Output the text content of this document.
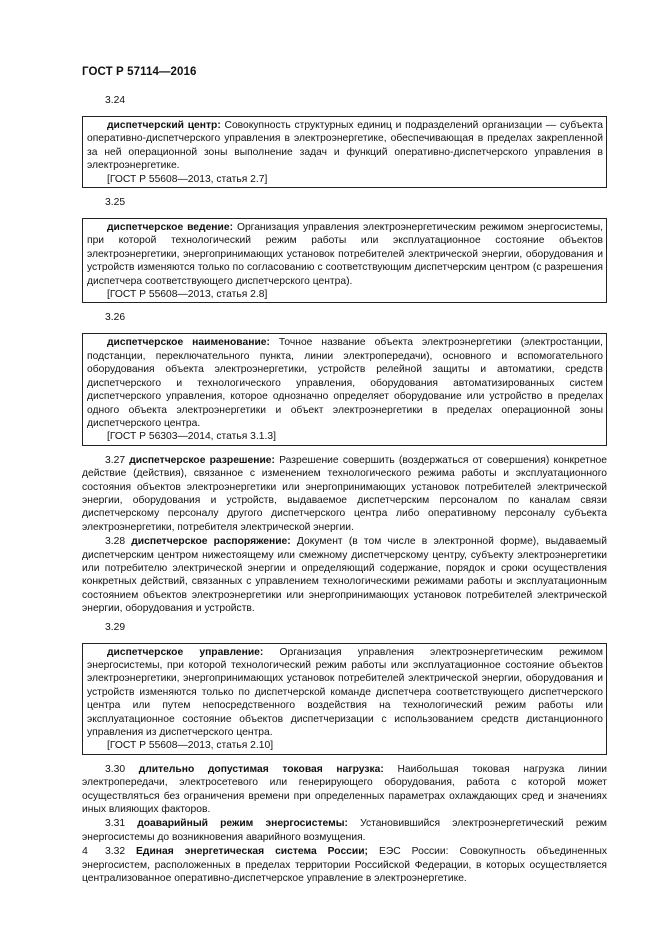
ГОСТ Р 57114—2016
3.24

диспетчерский центр: Совокупность структурных единиц и подразделений организации — субъекта оперативно-диспетчерского управления в электроэнергетике, обеспечивающая в пределах закрепленной за ней операционной зоны выполнение задач и функций оперативно-диспетчерского управления в электроэнергетике.

[ГОСТ Р 55608—2013, статья 2.7]

3.25

диспетчерское ведение: Организация управления электроэнергетическим режимом энергосистемы, при которой технологический режим работы или эксплуатационное состояние объектов электроэнергетики, энергопринимающих установок потребителей электрической энергии, оборудования и устройств изменяются только по согласованию с соответствующим диспетчерским центром (с разрешения диспетчера соответствующего диспетчерского центра).

[ГОСТ Р 55608—2013, статья 2.8]

3.26

диспетчерское наименование: Точное название объекта электроэнергетики (электростанции, подстанции, переключательного пункта, линии электропередачи), основного и вспомогательного оборудования объекта электроэнергетики, устройств релейной защиты и автоматики, средств диспетчерского и технологического управления, оборудования автоматизированных систем диспетчерского управления, которое однозначно определяет оборудование или устройство в пределах одного объекта электроэнергетики и объект электроэнергетики в пределах операционной зоны диспетчерского центра.

[ГОСТ Р 56303—2014, статья 3.1.3]

3.27 диспетчерское разрешение: Разрешение совершить (воздержаться от совершения) конкретное действие (действия), связанное с изменением технологического режима работы и эксплуатационного состояния объектов электроэнергетики или энергопринимающих установок потребителей электрической энергии, оборудования и устройств, выдаваемое диспетчерским персоналом по каналам связи диспетчерскому персоналу другого диспетчерского центра либо оперативному персоналу субъекта электроэнергетики, потребителя электрической энергии.

3.28 диспетчерское распоряжение: Документ (в том числе в электронной форме), выдаваемый диспетчерским центром нижестоящему или смежному диспетчерскому центру, субъекту электроэнергетики или потребителю электрической энергии и определяющий содержание, порядок и сроки осуществления конкретных действий, связанных с управлением технологическими режимами работы и эксплуатационным состоянием объектов электроэнергетики или энергопринимающих установок потребителей электрической энергии, оборудования и устройств.

3.29

диспетчерское управление: Организация управления электроэнергетическим режимом энергосистемы, при которой технологический режим работы или эксплуатационное состояние объектов электроэнергетики, энергопринимающих установок потребителей электрической энергии, оборудования и устройств изменяются только по диспетчерской команде диспетчера соответствующего диспетчерского центра или путем непосредственного воздействия на технологический режим работы или эксплуатационное состояние объектов диспетчеризации с использованием средств дистанционного управления из диспетчерского центра.

[ГОСТ Р 55608—2013, статья 2.10]

3.30 длительно допустимая токовая нагрузка: Наибольшая токовая нагрузка линии электропередачи, электросетевого или генерирующего оборудования, работа с которой может осуществляться без ограничения времени при определенных параметрах охлаждающих сред и значениях иных влияющих факторов.

3.31 доаварийный режим энергосистемы: Установившийся электроэнергетический режим энергосистемы до возникновения аварийного возмущения.

3.32 Единая энергетическая система России; ЕЭС России: Совокупность объединенных энергосистем, расположенных в пределах территории Российской Федерации, в которых осуществляется централизованное оперативно-диспетчерское управление в электроэнергетике.

4
